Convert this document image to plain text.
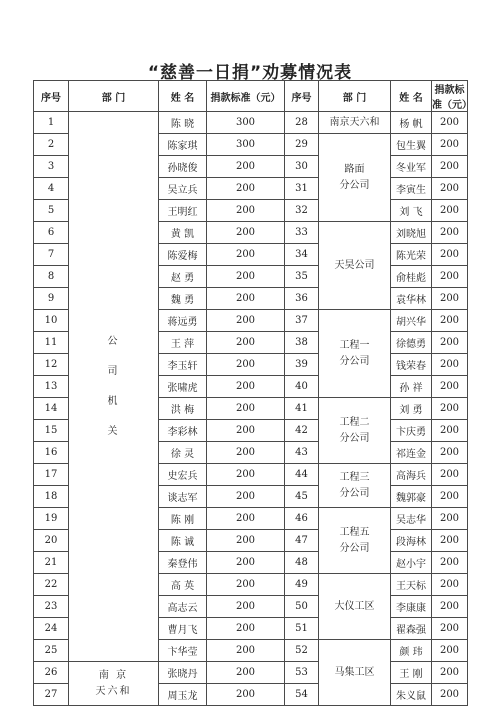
“慈善一日捐”劝募情况表
序号	部 门	姓 名	捐款标准（元）	序号	部 门	姓 名	捐款标准（元）
1	公
司
机
关	陈 晓	300	28	南京天六和	杨 帆	200
2		陈家琪	300	29	路面
分公司	包生翼	200
3		孙晓俊	200	30		冬业军	200
4		吴立兵	200	31		李寅生	200
5		王明红	200	32		刘 飞	200
6		黄 凯	200	33	天昊公司	刘晓旭	200
7		陈爱梅	200	34		陈光荣	200
8		赵 勇	200	35		俞桂彪	200
9		魏 勇	200	36		袁华林	200
10		蒋远勇	200	37	工程一
分公司	胡兴华	200
11		王 萍	200	38		徐德勇	200
12		李玉轩	200	39		钱荣春	200
13		张啸虎	200	40		孙 祥	200
14		洪 梅	200	41	工程二
分公司	刘 勇	200
15		李彩林	200	42		卞庆勇	200
16		徐 灵	200	43		祁连金	200
17		史宏兵	200	44	工程三
分公司	高海兵	200
18		谈志军	200	45		魏郭豪	200
19		陈 刚	200	46	工程五
分公司	吴志华	200
20		陈 诚	200	47		段海林	200
21		秦登伟	200	48		赵小宇	200
22		高 英	200	49	大仪工区	王天标	200
23		高志云	200	50		李康康	200
24		曹月飞	200	51		翟森强	200
25		卞华莹	200	52	马集工区	颜 玮	200
26	南 京
天六和	张晓丹	200	53		王 刚	200
27		周玉龙	200	54		朱义鼠	200
